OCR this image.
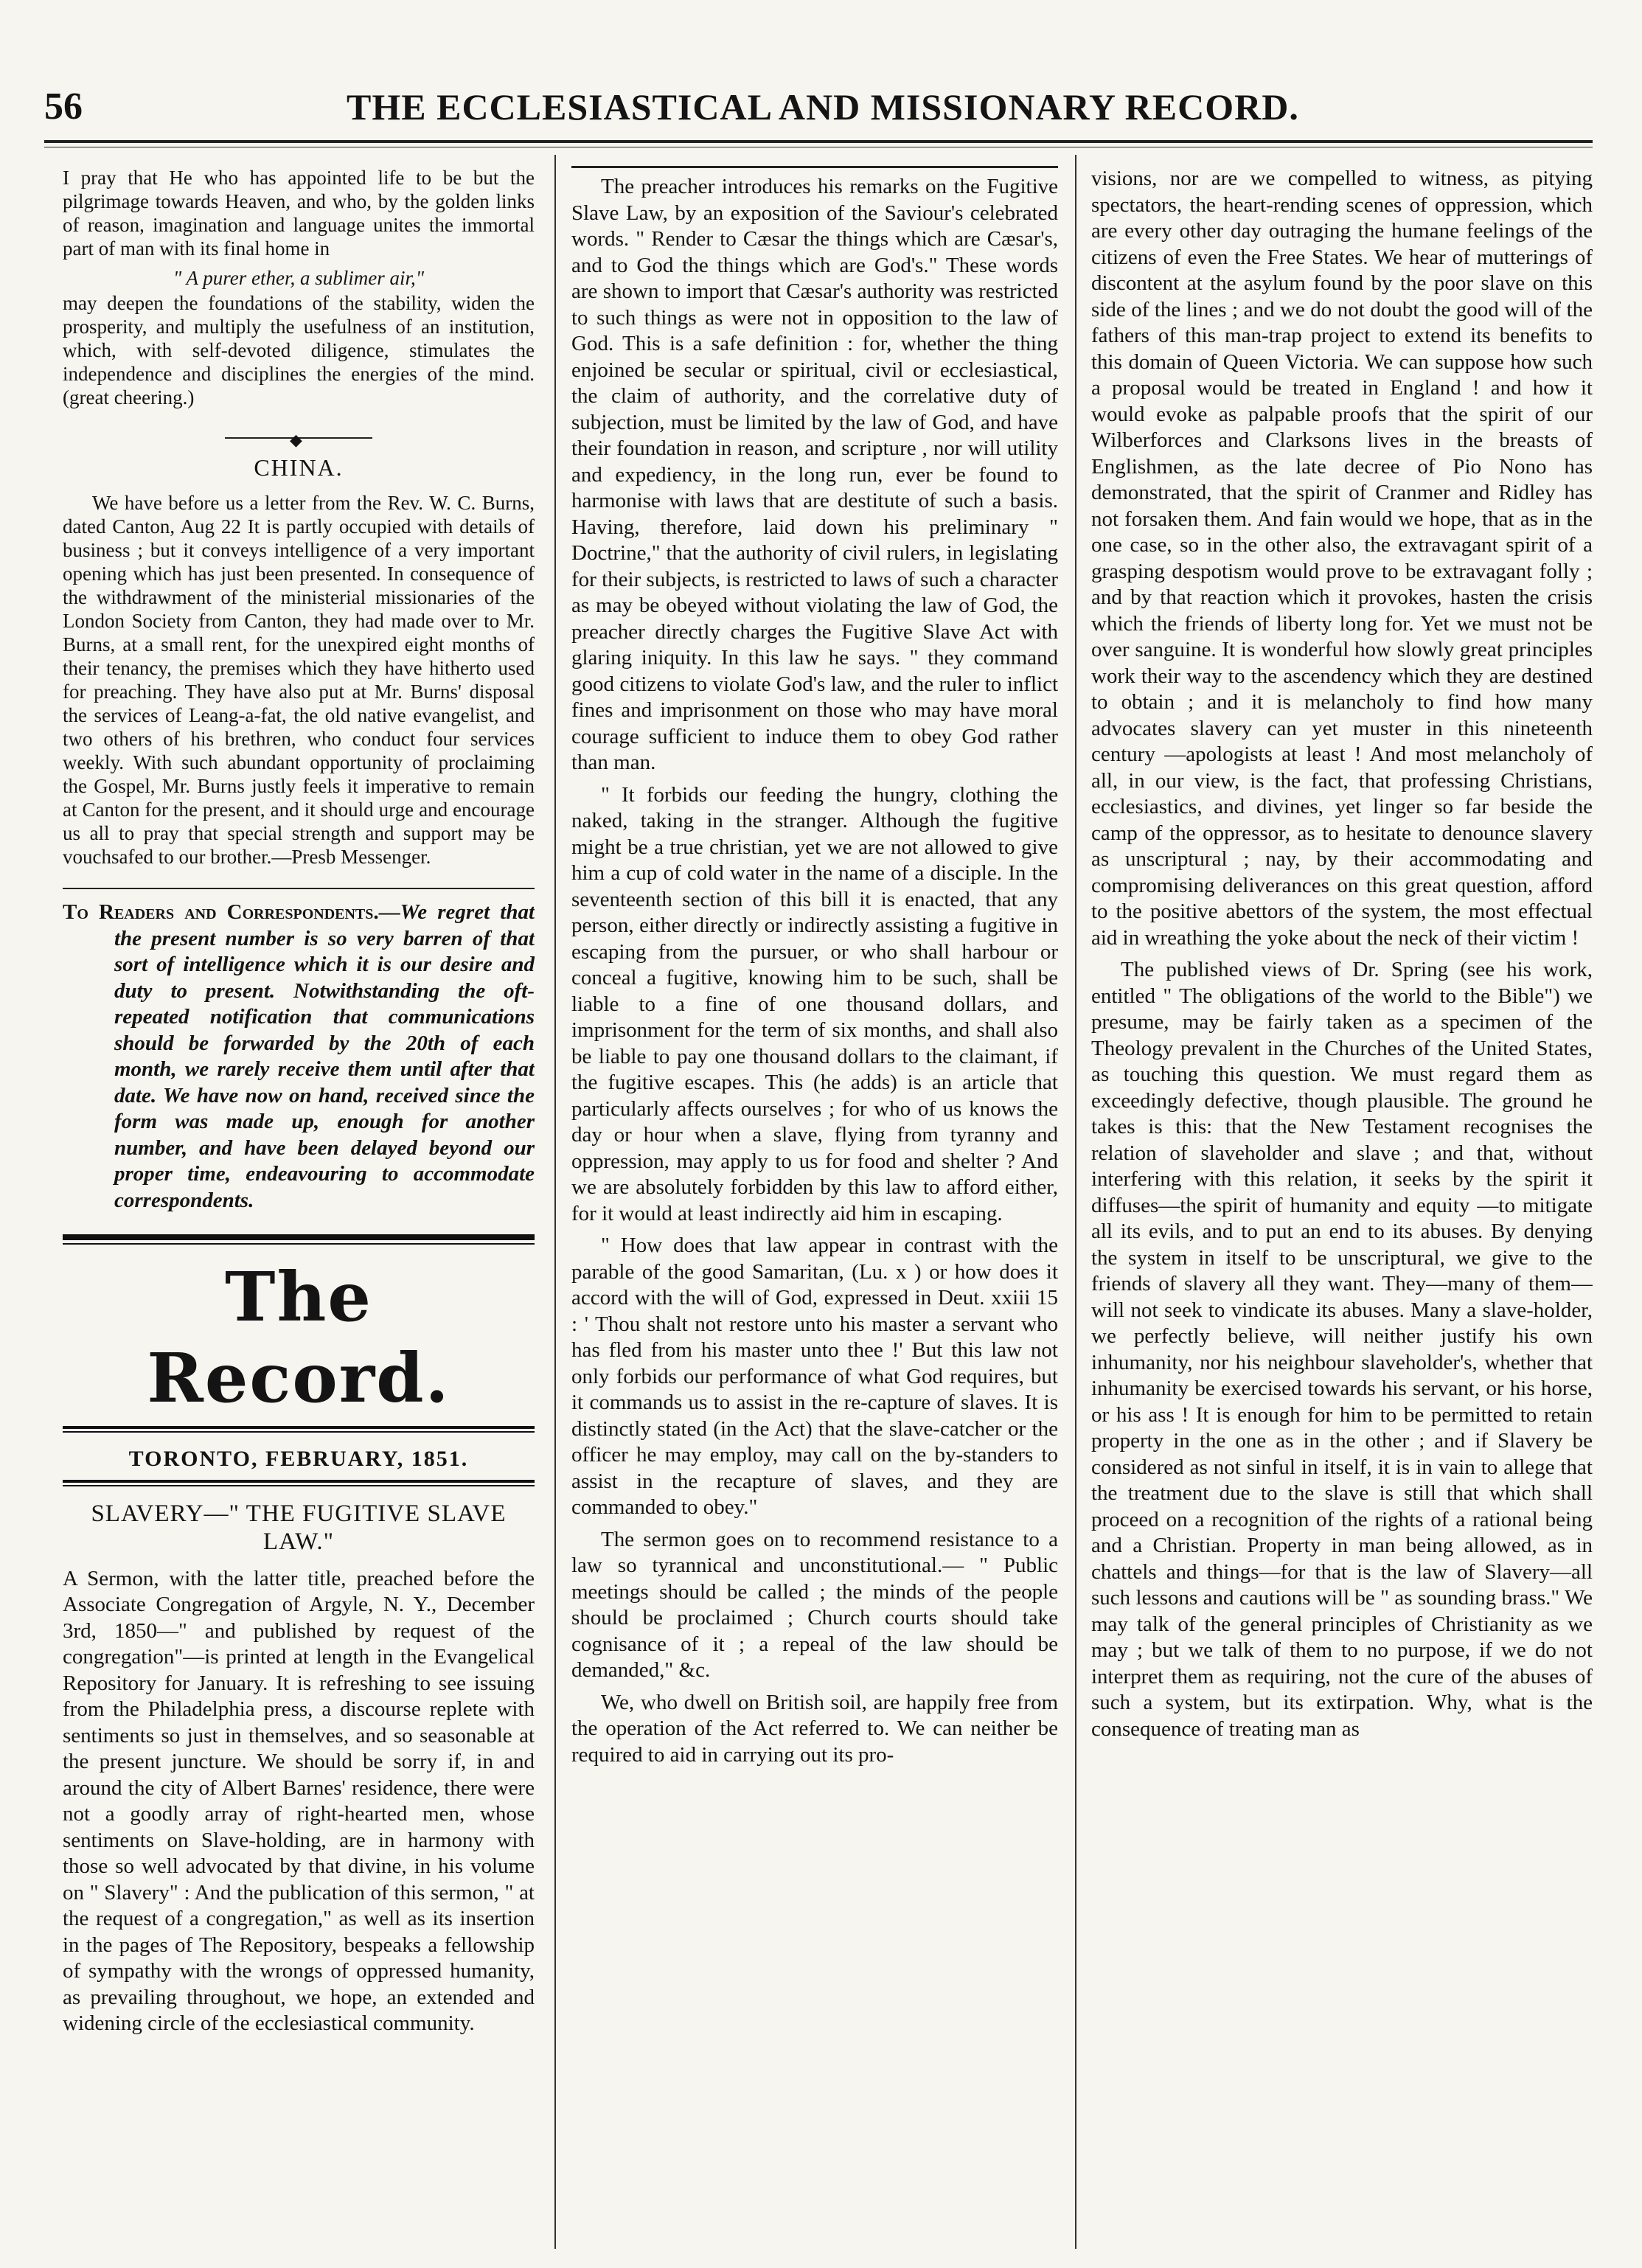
56	THE ECCLESIASTICAL AND MISSIONARY RECORD.

I pray that He who has appointed life to be but the pilgrimage towards Heaven, and who, by the golden links of reason, imagination and language unites the immortal part of man with its final home in

" A purer ether, a sublimer air,"

may deepen the foundations of the stability, widen the prosperity, and multiply the usefulness of an institution, which, with self-devoted diligence, stimulates the independence and disciplines the energies of the mind. (great cheering.)

◆
CHINA.

We have before us a letter from the Rev. W. C. Burns, dated Canton, Aug 22 It is partly occupied with details of business ; but it conveys intelligence of a very important opening which has just been presented. In consequence of the withdrawment of the ministerial missionaries of the London Society from Canton, they had made over to Mr. Burns, at a small rent, for the unexpired eight months of their tenancy, the premises which they have hitherto used for preaching. They have also put at Mr. Burns' disposal the services of Leang-a-fat, the old native evangelist, and two others of his brethren, who conduct four services weekly. With such abundant opportunity of proclaiming the Gospel, Mr. Burns justly feels it imperative to remain at Canton for the present, and it should urge and encourage us all to pray that special strength and support may be vouchsafed to our brother.—Presb Messenger.

To Readers and Correspondents.—We regret that the present number is so very barren of that sort of intelligence which it is our desire and duty to present. Notwithstanding the oft-repeated notification that communications should be forwarded by the 20th of each month, we rarely receive them until after that date. We have now on hand, received since the form was made up, enough for another number, and have been delayed beyond our proper time, endeavouring to accommodate correspondents.

The Record.
TORONTO, FEBRUARY, 1851.
SLAVERY—" THE FUGITIVE SLAVE LAW."

A Sermon, with the latter title, preached before the Associate Congregation of Argyle, N. Y., December 3rd, 1850—" and published by request of the congregation"—is printed at length in the Evangelical Repository for January. It is refreshing to see issuing from the Philadelphia press, a discourse replete with sentiments so just in themselves, and so seasonable at the present juncture. We should be sorry if, in and around the city of Albert Barnes' residence, there were not a goodly array of right-hearted men, whose sentiments on Slave-holding, are in harmony with those so well advocated by that divine, in his volume on " Slavery" : And the publication of this sermon, " at the request of a congregation," as well as its insertion in the pages of The Repository, bespeaks a fellowship of sympathy with the wrongs of oppressed humanity, as prevailing throughout, we hope, an extended and widening circle of the ecclesiastical community.

The preacher introduces his remarks on the Fugitive Slave Law, by an exposition of the Saviour's celebrated words. " Render to Cæsar the things which are Cæsar's, and to God the things which are God's." These words are shown to import that Cæsar's authority was restricted to such things as were not in opposition to the law of God. This is a safe definition : for, whether the thing enjoined be secular or spiritual, civil or ecclesiastical, the claim of authority, and the correlative duty of subjection, must be limited by the law of God, and have their foundation in reason, and scripture , nor will utility and expediency, in the long run, ever be found to harmonise with laws that are destitute of such a basis. Having, therefore, laid down his preliminary " Doctrine," that the authority of civil rulers, in legislating for their subjects, is restricted to laws of such a character as may be obeyed without violating the law of God, the preacher directly charges the Fugitive Slave Act with glaring iniquity. In this law he says. " they command good citizens to violate God's law, and the ruler to inflict fines and imprisonment on those who may have moral courage sufficient to induce them to obey God rather than man.

" It forbids our feeding the hungry, clothing the naked, taking in the stranger. Although the fugitive might be a true christian, yet we are not allowed to give him a cup of cold water in the name of a disciple. In the seventeenth section of this bill it is enacted, that any person, either directly or indirectly assisting a fugitive in escaping from the pursuer, or who shall harbour or conceal a fugitive, knowing him to be such, shall be liable to a fine of one thousand dollars, and imprisonment for the term of six months, and shall also be liable to pay one thousand dollars to the claimant, if the fugitive escapes. This (he adds) is an article that particularly affects ourselves ; for who of us knows the day or hour when a slave, flying from tyranny and oppression, may apply to us for food and shelter ? And we are absolutely forbidden by this law to afford either, for it would at least indirectly aid him in escaping.

" How does that law appear in contrast with the parable of the good Samaritan, (Lu. x ) or how does it accord with the will of God, expressed in Deut. xxiii 15 : ' Thou shalt not restore unto his master a servant who has fled from his master unto thee !' But this law not only forbids our performance of what God requires, but it commands us to assist in the re-capture of slaves. It is distinctly stated (in the Act) that the slave-catcher or the officer he may employ, may call on the by-standers to assist in the recapture of slaves, and they are commanded to obey."

The sermon goes on to recommend resistance to a law so tyrannical and unconstitutional.— " Public meetings should be called ; the minds of the people should be proclaimed ; Church courts should take cognisance of it ; a repeal of the law should be demanded," &c.

We, who dwell on British soil, are happily free from the operation of the Act referred to. We can neither be required to aid in carrying out its pro-

visions, nor are we compelled to witness, as pitying spectators, the heart-rending scenes of oppression, which are every other day outraging the humane feelings of the citizens of even the Free States. We hear of mutterings of discontent at the asylum found by the poor slave on this side of the lines ; and we do not doubt the good will of the fathers of this man-trap project to extend its benefits to this domain of Queen Victoria. We can suppose how such a proposal would be treated in England ! and how it would evoke as palpable proofs that the spirit of our Wilberforces and Clarksons lives in the breasts of Englishmen, as the late decree of Pio Nono has demonstrated, that the spirit of Cranmer and Ridley has not forsaken them. And fain would we hope, that as in the one case, so in the other also, the extravagant spirit of a grasping despotism would prove to be extravagant folly ; and by that reaction which it provokes, hasten the crisis which the friends of liberty long for. Yet we must not be over sanguine. It is wonderful how slowly great principles work their way to the ascendency which they are destined to obtain ; and it is melancholy to find how many advocates slavery can yet muster in this nineteenth century —apologists at least ! And most melancholy of all, in our view, is the fact, that professing Christians, ecclesiastics, and divines, yet linger so far beside the camp of the oppressor, as to hesitate to denounce slavery as unscriptural ; nay, by their accommodating and compromising deliverances on this great question, afford to the positive abettors of the system, the most effectual aid in wreathing the yoke about the neck of their victim !

The published views of Dr. Spring (see his work, entitled " The obligations of the world to the Bible") we presume, may be fairly taken as a specimen of the Theology prevalent in the Churches of the United States, as touching this question. We must regard them as exceedingly defective, though plausible. The ground he takes is this: that the New Testament recognises the relation of slaveholder and slave ; and that, without interfering with this relation, it seeks by the spirit it diffuses—the spirit of humanity and equity —to mitigate all its evils, and to put an end to its abuses. By denying the system in itself to be unscriptural, we give to the friends of slavery all they want. They—many of them—will not seek to vindicate its abuses. Many a slave-holder, we perfectly believe, will neither justify his own inhumanity, nor his neighbour slaveholder's, whether that inhumanity be exercised towards his servant, or his horse, or his ass ! It is enough for him to be permitted to retain property in the one as in the other ; and if Slavery be considered as not sinful in itself, it is in vain to allege that the treatment due to the slave is still that which shall proceed on a recognition of the rights of a rational being and a Christian. Property in man being allowed, as in chattels and things—for that is the law of Slavery—all such lessons and cautions will be " as sounding brass." We may talk of the general principles of Christianity as we may ; but we talk of them to no purpose, if we do not interpret them as requiring, not the cure of the abuses of such a system, but its extirpation. Why, what is the consequence of treating man as
